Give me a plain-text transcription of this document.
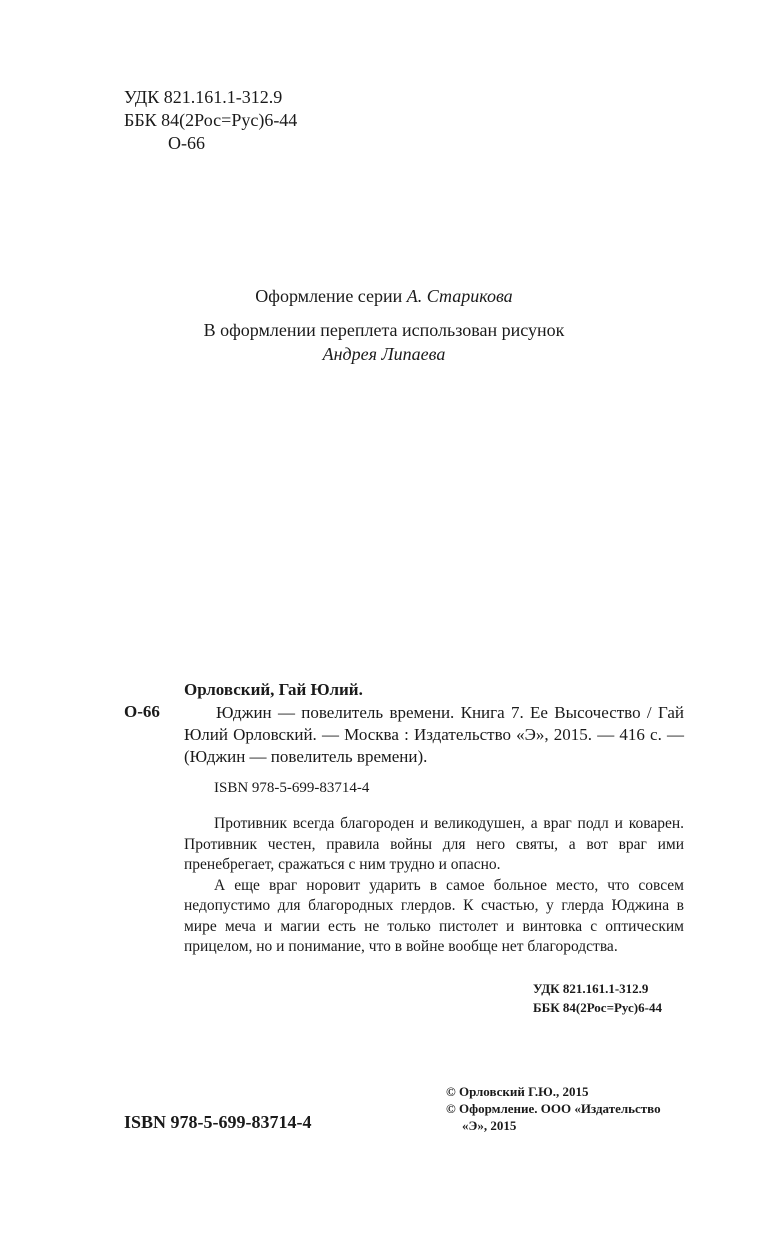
УДК 821.161.1-312.9
ББК 84(2Рос=Рус)6-44
О-66
Оформление серии А. Старикова
В оформлении переплета использован рисунок
Андрея Липаева
Орловский, Гай Юлий.
О-66	Юджин — повелитель времени. Книга 7. Ее Высочество / Гай Юлий Орловский. — Москва : Издательство «Э», 2015. — 416 с. — (Юджин — повелитель времени).
ISBN 978-5-699-83714-4

Противник всегда благороден и великодушен, а враг подл и коварен. Противник честен, правила войны для него святы, а вот враг ими пренебрегает, сражаться с ним трудно и опасно.

А еще враг норовит ударить в самое больное место, что совсем недопустимо для благородных глердов. К счастью, у глерда Юджина в мире меча и магии есть не только пистолет и винтовка с оптическим прицелом, но и понимание, что в войне вообще нет благородства.

УДК 821.161.1-312.9
ББК 84(2Рос=Рус)6-44
© Орловский Г.Ю., 2015
© Оформление. ООО «Издательство
«Э», 2015
ISBN 978-5-699-83714-4
